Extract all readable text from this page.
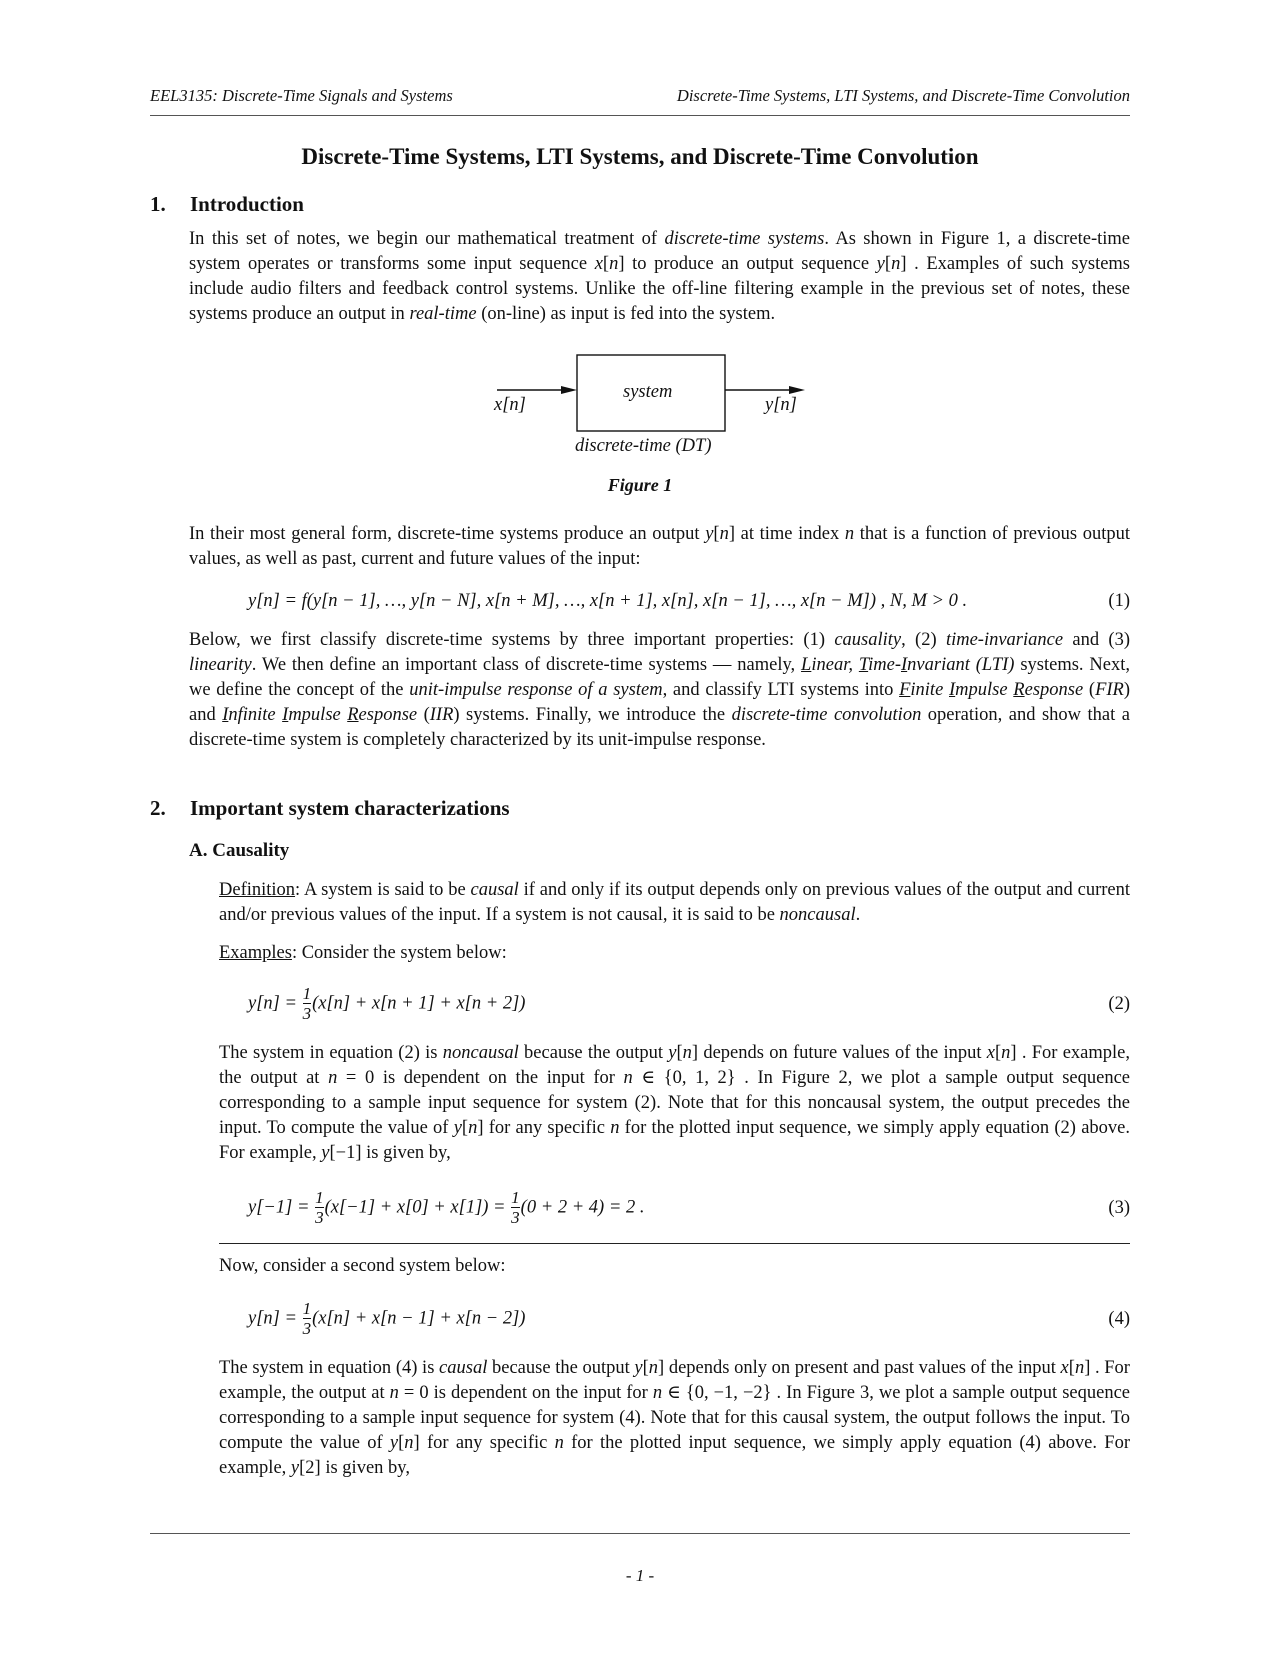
EEL3135: Discrete-Time Signals and Systems	Discrete-Time Systems, LTI Systems, and Discrete-Time Convolution
Discrete-Time Systems, LTI Systems, and Discrete-Time Convolution
1. Introduction
In this set of notes, we begin our mathematical treatment of discrete-time systems. As shown in Figure 1, a discrete-time system operates or transforms some input sequence x[n] to produce an output sequence y[n] . Examples of such systems include audio filters and feedback control systems. Unlike the off-line filtering example in the previous set of notes, these systems produce an output in real-time (on-line) as input is fed into the system.
x[n]
system
y[n]
discrete-time (DT)
Figure 1
In their most general form, discrete-time systems produce an output y[n] at time index n that is a function of previous output values, as well as past, current and future values of the input:
y[n] = f(y[n − 1], …, y[n − N], x[n + M], …, x[n + 1], x[n], x[n − 1], …, x[n − M]) , N, M > 0 .	(1)
Below, we first classify discrete-time systems by three important properties: (1) causality, (2) time-invariance and (3) linearity. We then define an important class of discrete-time systems — namely, Linear, Time-Invariant (LTI) systems. Next, we define the concept of the unit-impulse response of a system, and classify LTI systems into Finite Impulse Response (FIR) and Infinite Impulse Response (IIR) systems. Finally, we introduce the discrete-time convolution operation, and show that a discrete-time system is completely characterized by its unit-impulse response.
2. Important system characterizations
A. Causality
Definition: A system is said to be causal if and only if its output depends only on previous values of the output and current and/or previous values of the input. If a system is not causal, it is said to be noncausal.
Examples: Consider the system below:
$y[n] = \frac{1}{3} (x[n] + x[n + 1] + x[n + 2])$	(2)
The system in equation (2) is noncausal because the output y[n] depends on future values of the input x[n] . For example, the output at n = 0 is dependent on the input for n ∈ {0, 1, 2} . In Figure 2, we plot a sample output sequence corresponding to a sample input sequence for system (2). Note that for this noncausal system, the output precedes the input. To compute the value of y[n] for any specific n for the plotted input sequence, we simply apply equation (2) above. For example, y[−1] is given by,
$y[-1] = \frac{1}{3} (x[-1] + x[0] + x[1]) = \frac{1}{3} (0 + 2 + 4) = 2$ .	(3)
Now, consider a second system below:
$y[n] = \frac{1}{3} (x[n] + x[n - 1] + x[n - 2])$	(4)
The system in equation (4) is causal because the output y[n] depends only on present and past values of the input x[n] . For example, the output at n = 0 is dependent on the input for n ∈ {0, −1, −2} . In Figure 3, we plot a sample output sequence corresponding to a sample input sequence for system (4). Note that for this causal system, the output follows the input. To compute the value of y[n] for any specific n for the plotted input sequence, we simply apply equation (4) above. For example, y[2] is given by,
- 1 -
